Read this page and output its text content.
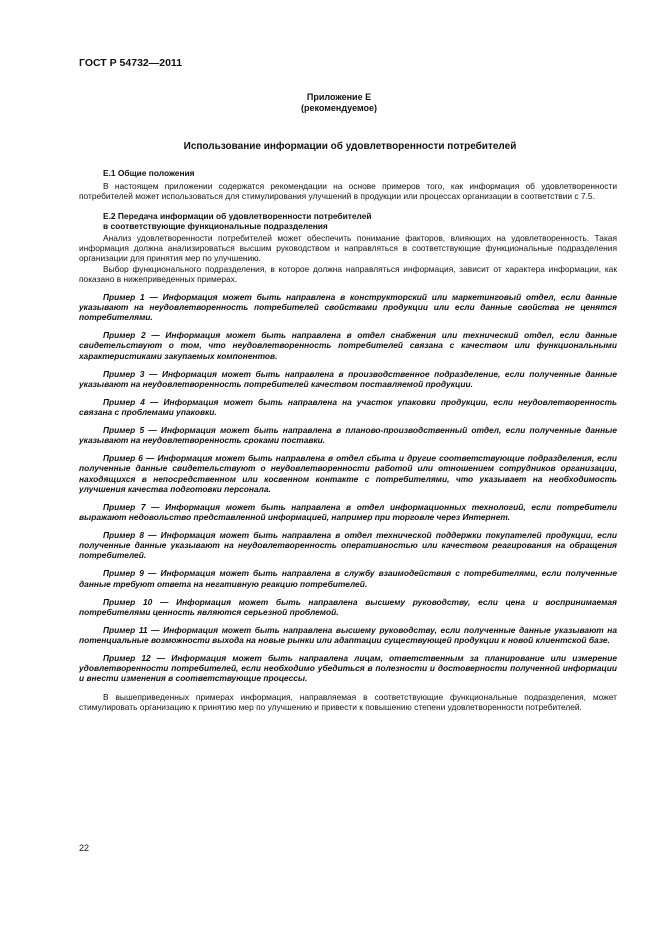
ГОСТ Р 54732—2011
Приложение Е
(рекомендуемое)
Использование информации об удовлетворенности потребителей
Е.1 Общие положения

В настоящем приложении содержатся рекомендации на основе примеров того, как информация об удовлетворенности потребителей может использоваться для стимулирования улучшений в продукции или процессах организации в соответствии с 7.5.

Е.2 Передача информации об удовлетворенности потребителей
в соответствующие функциональные подразделения

Анализ удовлетворенности потребителей может обеспечить понимание факторов, влияющих на удовлетворенность. Такая информация должна анализироваться высшим руководством и направляться в соответствующие функциональные подразделения организации для принятия мер по улучшению.

Выбор функционального подразделения, в которое должна направляться информация, зависит от характера информации, как показано в нижеприведенных примерах.

Пример 1 — Информация может быть направлена в конструкторский или маркетинговый отдел, если данные указывают на неудовлетворенность потребителей свойствами продукции или если данные свойства не ценятся потребителями.

Пример 2 — Информация может быть направлена в отдел снабжения или технический отдел, если данные свидетельствуют о том, что неудовлетворенность потребителей связана с качеством или функциональными характеристиками закупаемых компонентов.

Пример 3 — Информация может быть направлена в производственное подразделение, если полученные данные указывают на неудовлетворенность потребителей качеством поставляемой продукции.

Пример 4 — Информация может быть направлена на участок упаковки продукции, если неудовлетворенность связана с проблемами упаковки.

Пример 5 — Информация может быть направлена в планово-производственный отдел, если полученные данные указывают на неудовлетворенность сроками поставки.

Пример 6 — Информация может быть направлена в отдел сбыта и другие соответствующие подразделения, если полученные данные свидетельствуют о неудовлетворенности работой или отношением сотрудников организации, находящихся в непосредственном или косвенном контакте с потребителями, что указывает на необходимость улучшения качества подготовки персонала.

Пример 7 — Информация может быть направлена в отдел информационных технологий, если потребители выражают недовольство представленной информацией, например при торговле через Интернет.

Пример 8 — Информация может быть направлена в отдел технической поддержки покупателей продукции, если полученные данные указывают на неудовлетворенность оперативностью или качеством реагирования на обращения потребителей.

Пример 9 — Информация может быть направлена в службу взаимодействия с потребителями, если полученные данные требуют ответа на негативную реакцию потребителей.

Пример 10 — Информация может быть направлена высшему руководству, если цена и воспринимаемая потребителями ценность являются серьезной проблемой.

Пример 11 — Информация может быть направлена высшему руководству, если полученные данные указывают на потенциальные возможности выхода на новые рынки или адаптации существующей продукции к новой клиентской базе.

Пример 12 — Информация может быть направлена лицам, ответственным за планирование или измерение удовлетворенности потребителей, если необходимо убедиться в полезности и достоверности полученной информации и внести изменения в соответствующие процессы.

В вышеприведенных примерах информация, направляемая в соответствующие функциональные подразделения, может стимулировать организацию к принятию мер по улучшению и привести к повышению степени удовлетворенности потребителей.

22
